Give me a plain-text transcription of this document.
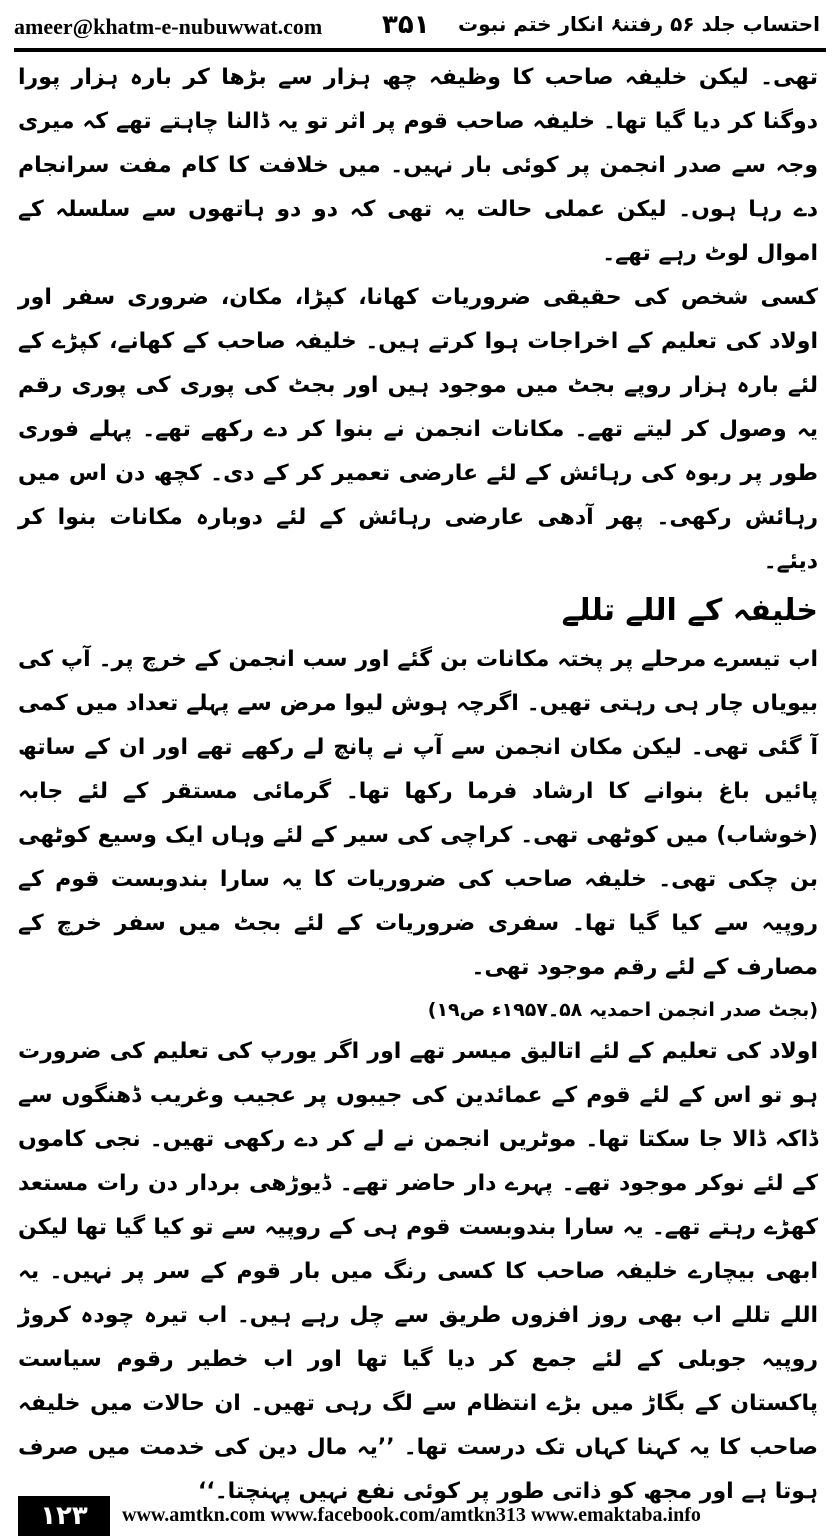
ameer@khatm-e-nubuwwat.com ۳۵۱ احتساب جلد ۵۶ رفتنۂ انکار ختم نبوت

تھی۔ لیکن خلیفہ صاحب کا وظیفہ چھ ہزار سے بڑھا کر بارہ ہزار پورا دوگنا کر دیا گیا تھا۔ خلیفہ صاحب قوم پر اثر تو یہ ڈالنا چاہتے تھے کہ میری وجہ سے صدر انجمن پر کوئی بار نہیں۔ میں خلافت کا کام مفت سرانجام دے رہا ہوں۔ لیکن عملی حالت یہ تھی کہ دو دو ہاتھوں سے سلسلہ کے اموال لوٹ رہے تھے۔

کسی شخص کی حقیقی ضروریات کھانا، کپڑا، مکان، ضروری سفر اور اولاد کی تعلیم کے اخراجات ہوا کرتے ہیں۔ خلیفہ صاحب کے کھانے، کپڑے کے لئے بارہ ہزار روپے بجٹ میں موجود ہیں اور بجٹ کی پوری کی پوری رقم یہ وصول کر لیتے تھے۔ مکانات انجمن نے بنوا کر دے رکھے تھے۔ پہلے فوری طور پر ربوہ کی رہائش کے لئے عارضی تعمیر کر کے دی۔ کچھ دن اس میں رہائش رکھی۔ پھر آدھی عارضی رہائش کے لئے دوبارہ مکانات بنوا کر دیئے۔

خلیفہ کے اللے تللے

اب تیسرے مرحلے پر پختہ مکانات بن گئے اور سب انجمن کے خرچ پر۔ آپ کی بیویاں چار ہی رہتی تھیں۔ اگرچہ ہوش لیوا مرض سے پہلے تعداد میں کمی آ گئی تھی۔ لیکن مکان انجمن سے آپ نے پانچ لے رکھے تھے اور ان کے ساتھ پائیں باغ بنوانے کا ارشاد فرما رکھا تھا۔ گرمائی مستقر کے لئے جابہ (خوشاب) میں کوٹھی تھی۔ کراچی کی سیر کے لئے وہاں ایک وسیع کوٹھی بن چکی تھی۔ خلیفہ صاحب کی ضروریات کا یہ سارا بندوبست قوم کے روپیہ سے کیا گیا تھا۔ سفری ضروریات کے لئے بجٹ میں سفر خرچ کے مصارف کے لئے رقم موجود تھی۔

(بجٹ صدر انجمن احمدیہ ۵۸۔۱۹۵۷ء ص۱۹)

اولاد کی تعلیم کے لئے اتالیق میسر تھے اور اگر یورپ کی تعلیم کی ضرورت ہو تو اس کے لئے قوم کے عمائدین کی جیبوں پر عجیب وغریب ڈھنگوں سے ڈاکہ ڈالا جا سکتا تھا۔ موٹریں انجمن نے لے کر دے رکھی تھیں۔ نجی کاموں کے لئے نوکر موجود تھے۔ پہرے دار حاضر تھے۔ ڈیوڑھی بردار دن رات مستعد کھڑے رہتے تھے۔ یہ سارا بندوبست قوم ہی کے روپیہ سے تو کیا گیا تھا لیکن ابھی بیچارے خلیفہ صاحب کا کسی رنگ میں بار قوم کے سر پر نہیں۔ یہ اللے تللے اب بھی روز افزوں طریق سے چل رہے ہیں۔ اب تیرہ چودہ کروڑ روپیہ جوبلی کے لئے جمع کر دیا گیا تھا اور اب خطیر رقوم سیاست پاکستان کے بگاڑ میں بڑے انتظام سے لگ رہی تھیں۔ ان حالات میں خلیفہ صاحب کا یہ کہنا کہاں تک درست تھا۔ ’’یہ مال دین کی خدمت میں صرف ہوتا ہے اور مجھ کو ذاتی طور پر کوئی نفع نہیں پہنچتا۔‘‘

۱۲۳	www.amtkn.com www.facebook.com/amtkn313 www.emaktaba.info
